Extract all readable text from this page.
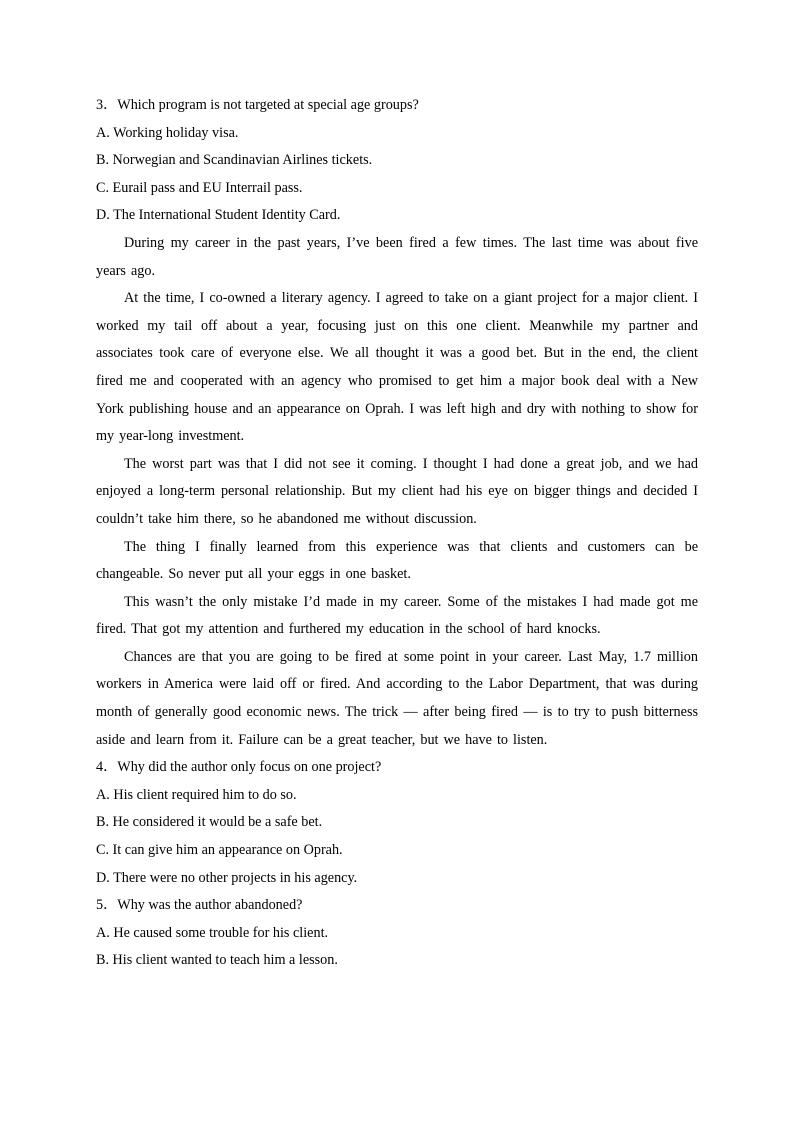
3．Which program is not targeted at special age groups?

A. Working holiday visa.

B. Norwegian and Scandinavian Airlines tickets.

C. Eurail pass and EU Interrail pass.

D. The International Student Identity Card.

During my career in the past years, I’ve been fired a few times. The last time was about five years ago.

At the time, I co-owned a literary agency. I agreed to take on a giant project for a major client. I worked my tail off about a year, focusing just on this one client. Meanwhile my partner and associates took care of everyone else. We all thought it was a good bet. But in the end, the client fired me and cooperated with an agency who promised to get him a major book deal with a New York publishing house and an appearance on Oprah. I was left high and dry with nothing to show for my year-long investment.

The worst part was that I did not see it coming. I thought I had done a great job, and we had enjoyed a long-term personal relationship. But my client had his eye on bigger things and decided I couldn’t take him there, so he abandoned me without discussion.

The thing I finally learned from this experience was that clients and customers can be changeable. So never put all your eggs in one basket.

This wasn’t the only mistake I’d made in my career. Some of the mistakes I had made got me fired. That got my attention and furthered my education in the school of hard knocks.

Chances are that you are going to be fired at some point in your career. Last May, 1.7 million workers in America were laid off or fired. And according to the Labor Department, that was during month of generally good economic news. The trick — after being fired — is to try to push bitterness aside and learn from it. Failure can be a great teacher, but we have to listen.

4．Why did the author only focus on one project?

A. His client required him to do so.

B. He considered it would be a safe bet.

C. It can give him an appearance on Oprah.

D. There were no other projects in his agency.

5．Why was the author abandoned?

A. He caused some trouble for his client.

B. His client wanted to teach him a lesson.
